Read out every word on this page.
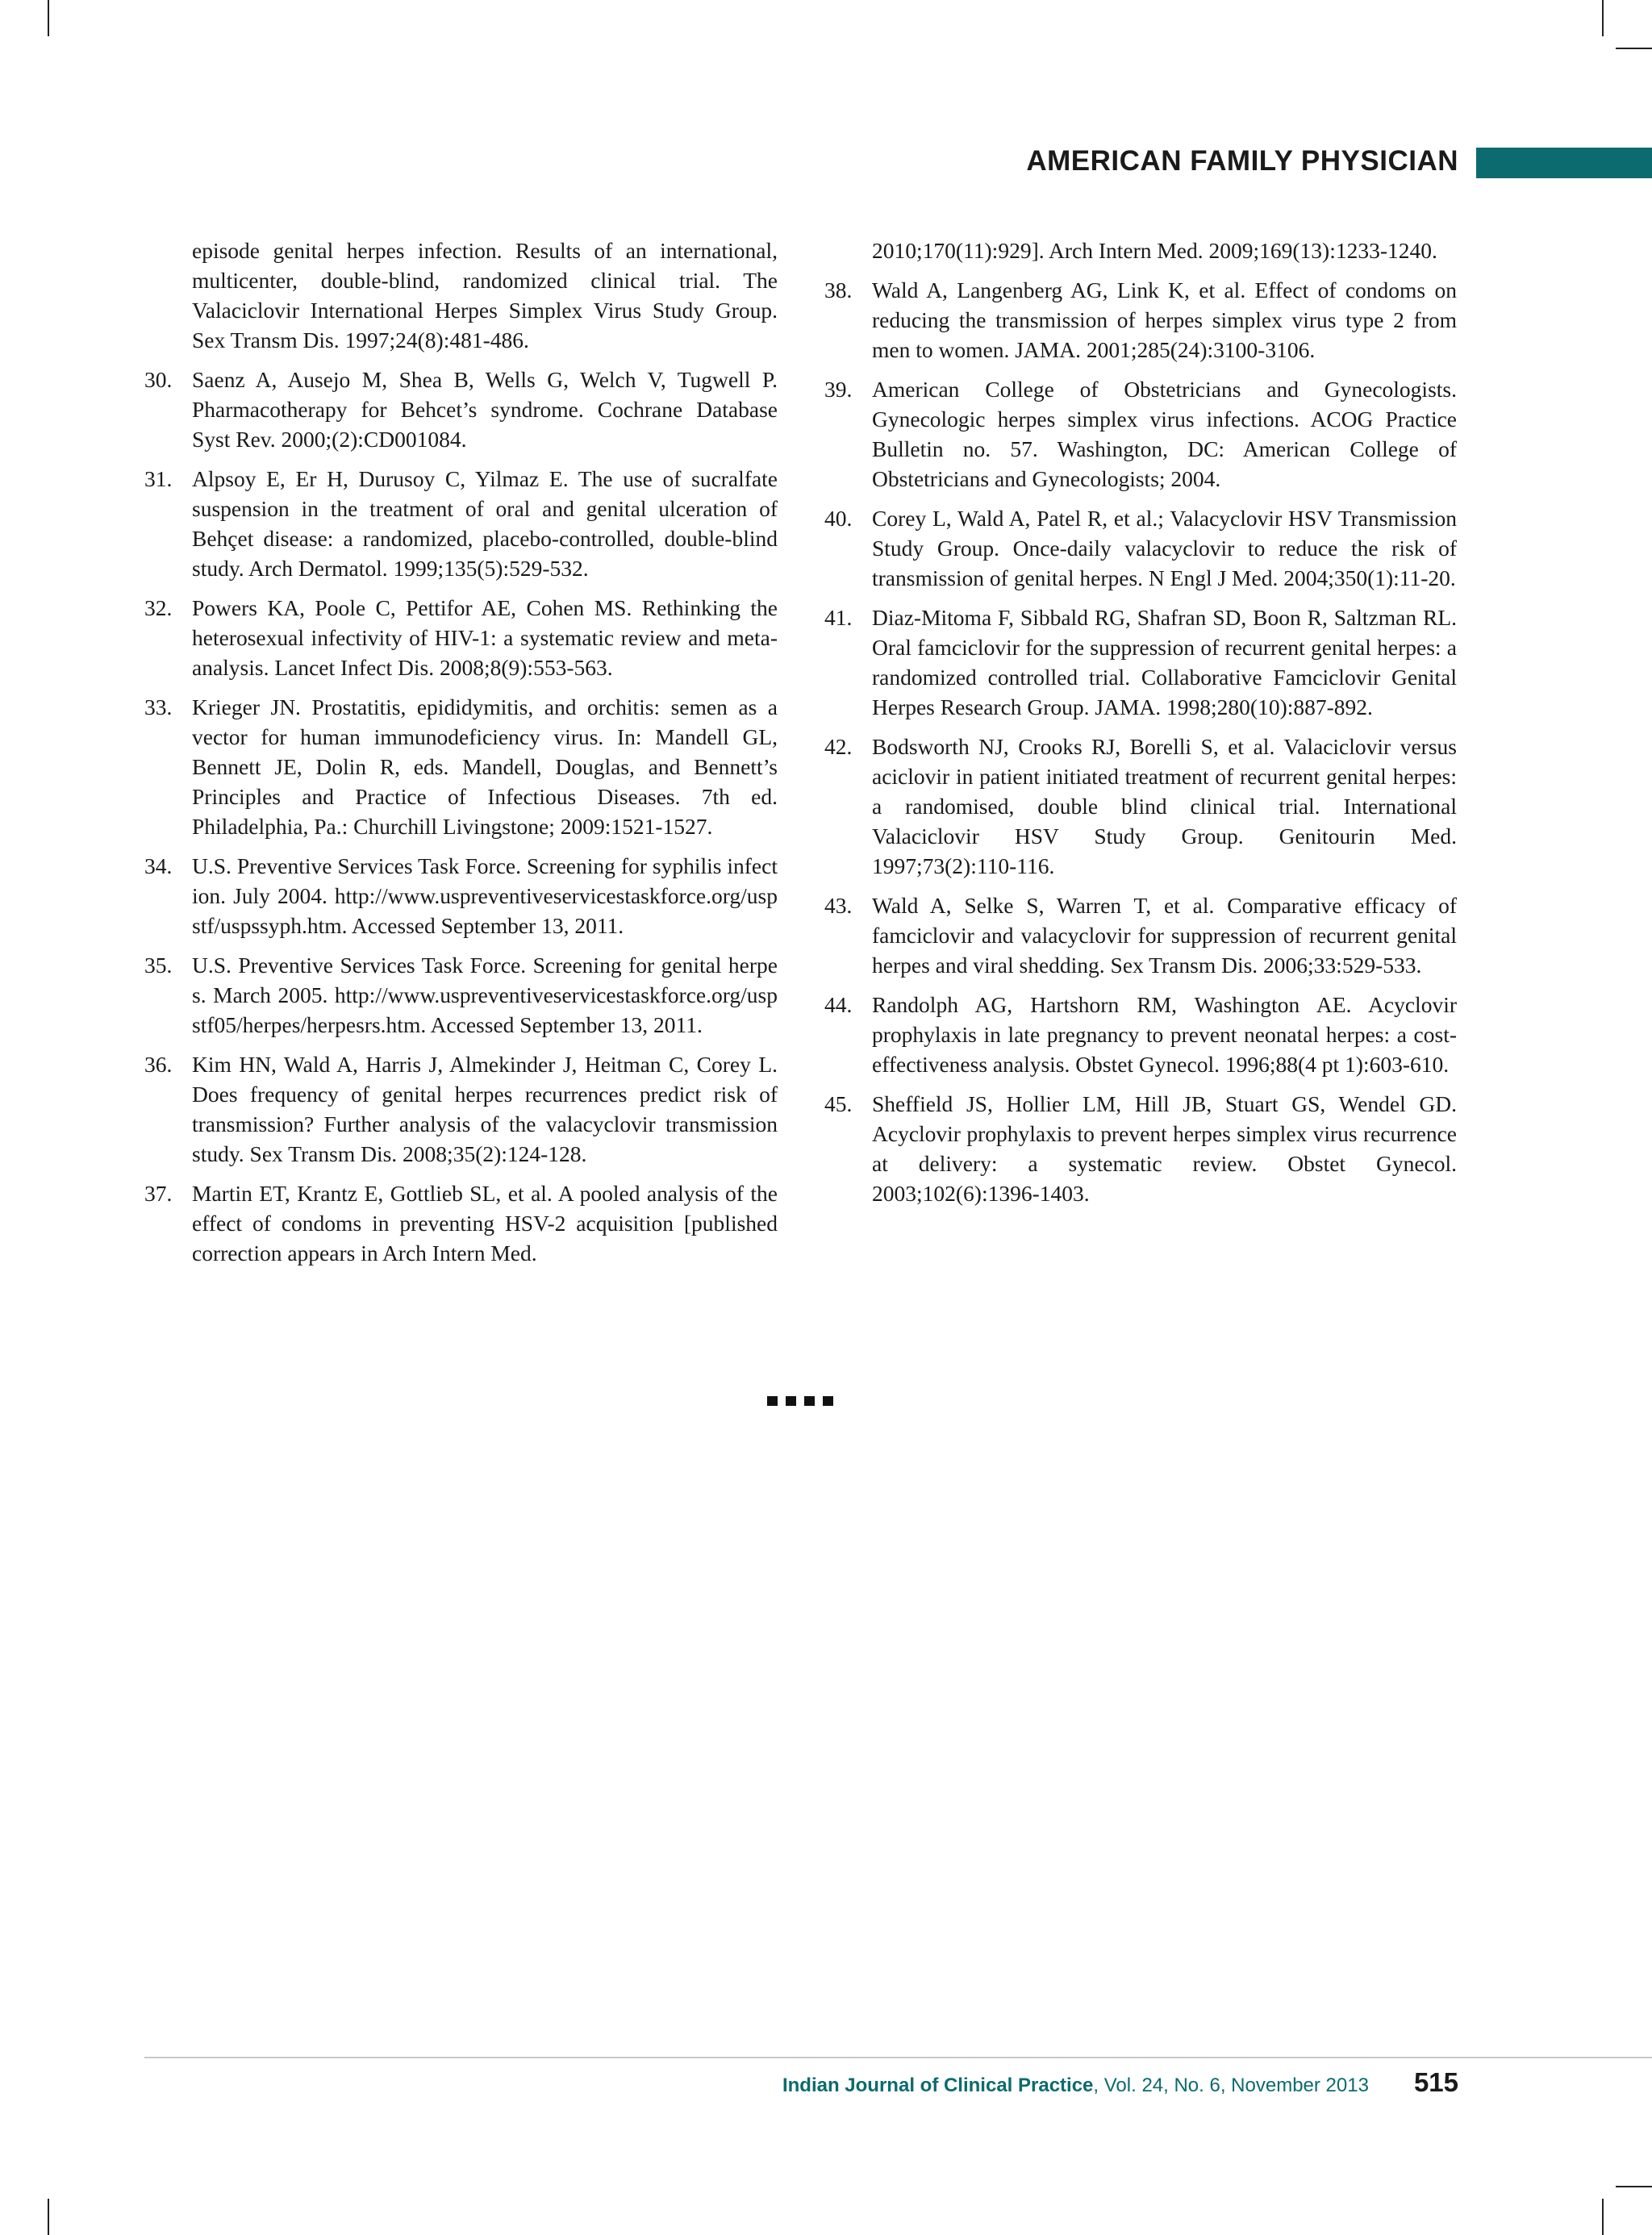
AMERICAN FAMILY PHYSICIAN
episode genital herpes infection. Results of an international, multicenter, double-blind, randomized clinical trial. The Valaciclovir International Herpes Simplex Virus Study Group. Sex Transm Dis. 1997;24(8):481-486.
30. Saenz A, Ausejo M, Shea B, Wells G, Welch V, Tugwell P. Pharmacotherapy for Behcet’s syndrome. Cochrane Database Syst Rev. 2000;(2):CD001084.
31. Alpsoy E, Er H, Durusoy C, Yilmaz E. The use of sucralfate suspension in the treatment of oral and genital ulceration of Behçet disease: a randomized, placebo-controlled, double-blind study. Arch Dermatol. 1999;135(5):529-532.
32. Powers KA, Poole C, Pettifor AE, Cohen MS. Rethinking the heterosexual infectivity of HIV-1: a systematic review and meta-analysis. Lancet Infect Dis. 2008;8(9):553-563.
33. Krieger JN. Prostatitis, epididymitis, and orchitis: semen as a vector for human immunodeficiency virus. In: Mandell GL, Bennett JE, Dolin R, eds. Mandell, Douglas, and Bennett’s Principles and Practice of Infectious Diseases. 7th ed. Philadelphia, Pa.: Churchill Livingstone; 2009:1521-1527.
34. U.S. Preventive Services Task Force. Screening for syphilis infection. July 2004. http://www.uspreventiveservicestaskforce.org/uspstf/uspssyph.htm. Accessed September 13, 2011.
35. U.S. Preventive Services Task Force. Screening for genital herpes. March 2005. http://www.uspreventiveservicestaskforce.org/uspstf05/herpes/herpesrs.htm. Accessed September 13, 2011.
36. Kim HN, Wald A, Harris J, Almekinder J, Heitman C, Corey L. Does frequency of genital herpes recurrences predict risk of transmission? Further analysis of the valacyclovir transmission study. Sex Transm Dis. 2008;35(2):124-128.
37. Martin ET, Krantz E, Gottlieb SL, et al. A pooled analysis of the effect of condoms in preventing HSV-2 acquisition [published correction appears in Arch Intern Med.
2010;170(11):929]. Arch Intern Med. 2009;169(13):1233-1240.
38. Wald A, Langenberg AG, Link K, et al. Effect of condoms on reducing the transmission of herpes simplex virus type 2 from men to women. JAMA. 2001;285(24):3100-3106.
39. American College of Obstetricians and Gynecologists. Gynecologic herpes simplex virus infections. ACOG Practice Bulletin no. 57. Washington, DC: American College of Obstetricians and Gynecologists; 2004.
40. Corey L, Wald A, Patel R, et al.; Valacyclovir HSV Transmission Study Group. Once-daily valacyclovir to reduce the risk of transmission of genital herpes. N Engl J Med. 2004;350(1):11-20.
41. Diaz-Mitoma F, Sibbald RG, Shafran SD, Boon R, Saltzman RL. Oral famciclovir for the suppression of recurrent genital herpes: a randomized controlled trial. Collaborative Famciclovir Genital Herpes Research Group. JAMA. 1998;280(10):887-892.
42. Bodsworth NJ, Crooks RJ, Borelli S, et al. Valaciclovir versus aciclovir in patient initiated treatment of recurrent genital herpes: a randomised, double blind clinical trial. International Valaciclovir HSV Study Group. Genitourin Med. 1997;73(2):110-116.
43. Wald A, Selke S, Warren T, et al. Comparative efficacy of famciclovir and valacyclovir for suppression of recurrent genital herpes and viral shedding. Sex Transm Dis. 2006;33:529-533.
44. Randolph AG, Hartshorn RM, Washington AE. Acyclovir prophylaxis in late pregnancy to prevent neonatal herpes: a cost-effectiveness analysis. Obstet Gynecol. 1996;88(4 pt 1):603-610.
45. Sheffield JS, Hollier LM, Hill JB, Stuart GS, Wendel GD. Acyclovir prophylaxis to prevent herpes simplex virus recurrence at delivery: a systematic review. Obstet Gynecol. 2003;102(6):1396-1403.
Indian Journal of Clinical Practice , Vol. 24, No. 6, November 2013 515
